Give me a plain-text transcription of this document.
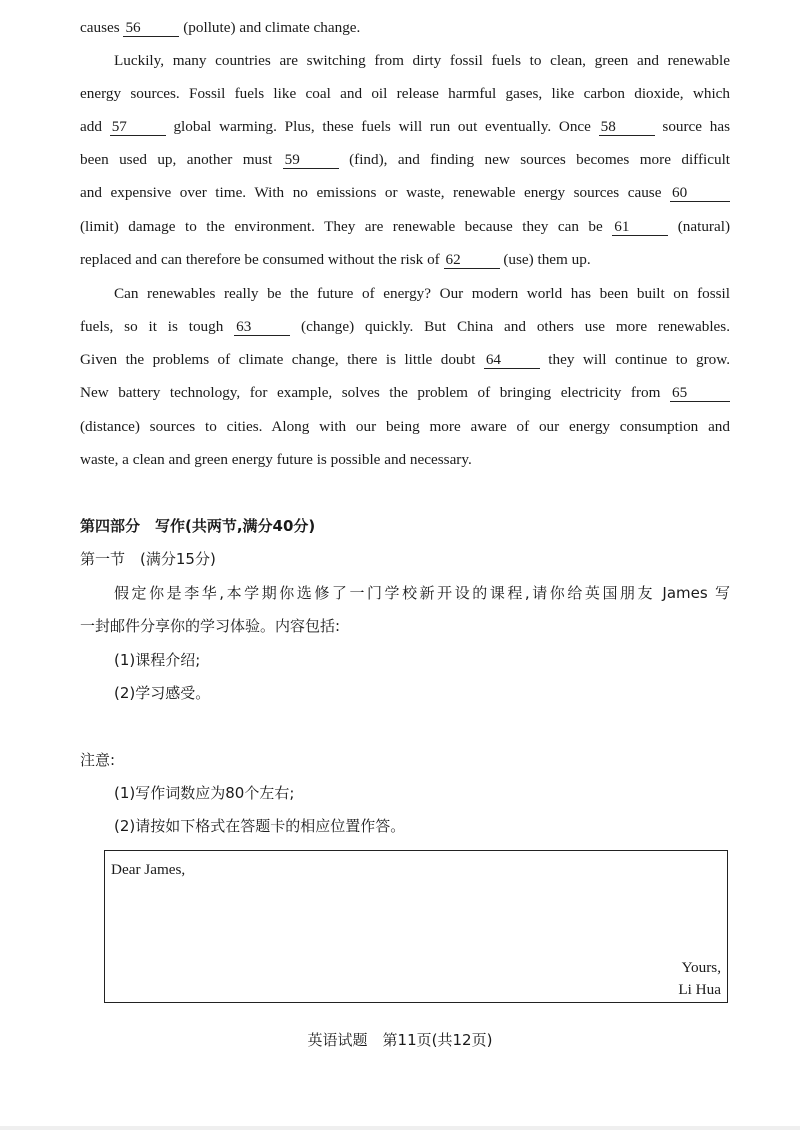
causes 56	(pollute) and climate change.

Luckily, many countries are switching from dirty fossil fuels to clean, green and renewable

energy sources. Fossil fuels like coal and oil release harmful gases, like carbon dioxide, which

add 57	global warming. Plus, these fuels will run out eventually. Once 58	source has

been used up, another must 59	(find), and finding new sources becomes more difficult

and expensive over time. With no emissions or waste, renewable energy sources cause 60

(limit) damage to the environment. They are renewable because they can be 61	(natural)

replaced and can therefore be consumed without the risk of 62	(use) them up.

Can renewables really be the future of energy? Our modern world has been built on fossil

fuels, so it is tough 63	(change) quickly. But China and others use more renewables.

Given the problems of climate change, there is little doubt 64	they will continue to grow.

New battery technology, for example, solves the problem of bringing electricity from 65

(distance) sources to cities. Along with our being more aware of our energy consumption and

waste, a clean and green energy future is possible and necessary.

第四部分　写作(共两节,满分40分)

第一节　(满分15分)

假定你是李华,本学期你选修了一门学校新开设的课程,请你给英国朋友 James 写

一封邮件分享你的学习体验。内容包括:

(1)课程介绍;

(2)学习感受。

注意:

(1)写作词数应为80个左右;

(2)请按如下格式在答题卡的相应位置作答。

Dear James,

Yours,

Li Hua

英语试题　第11页(共12页)
